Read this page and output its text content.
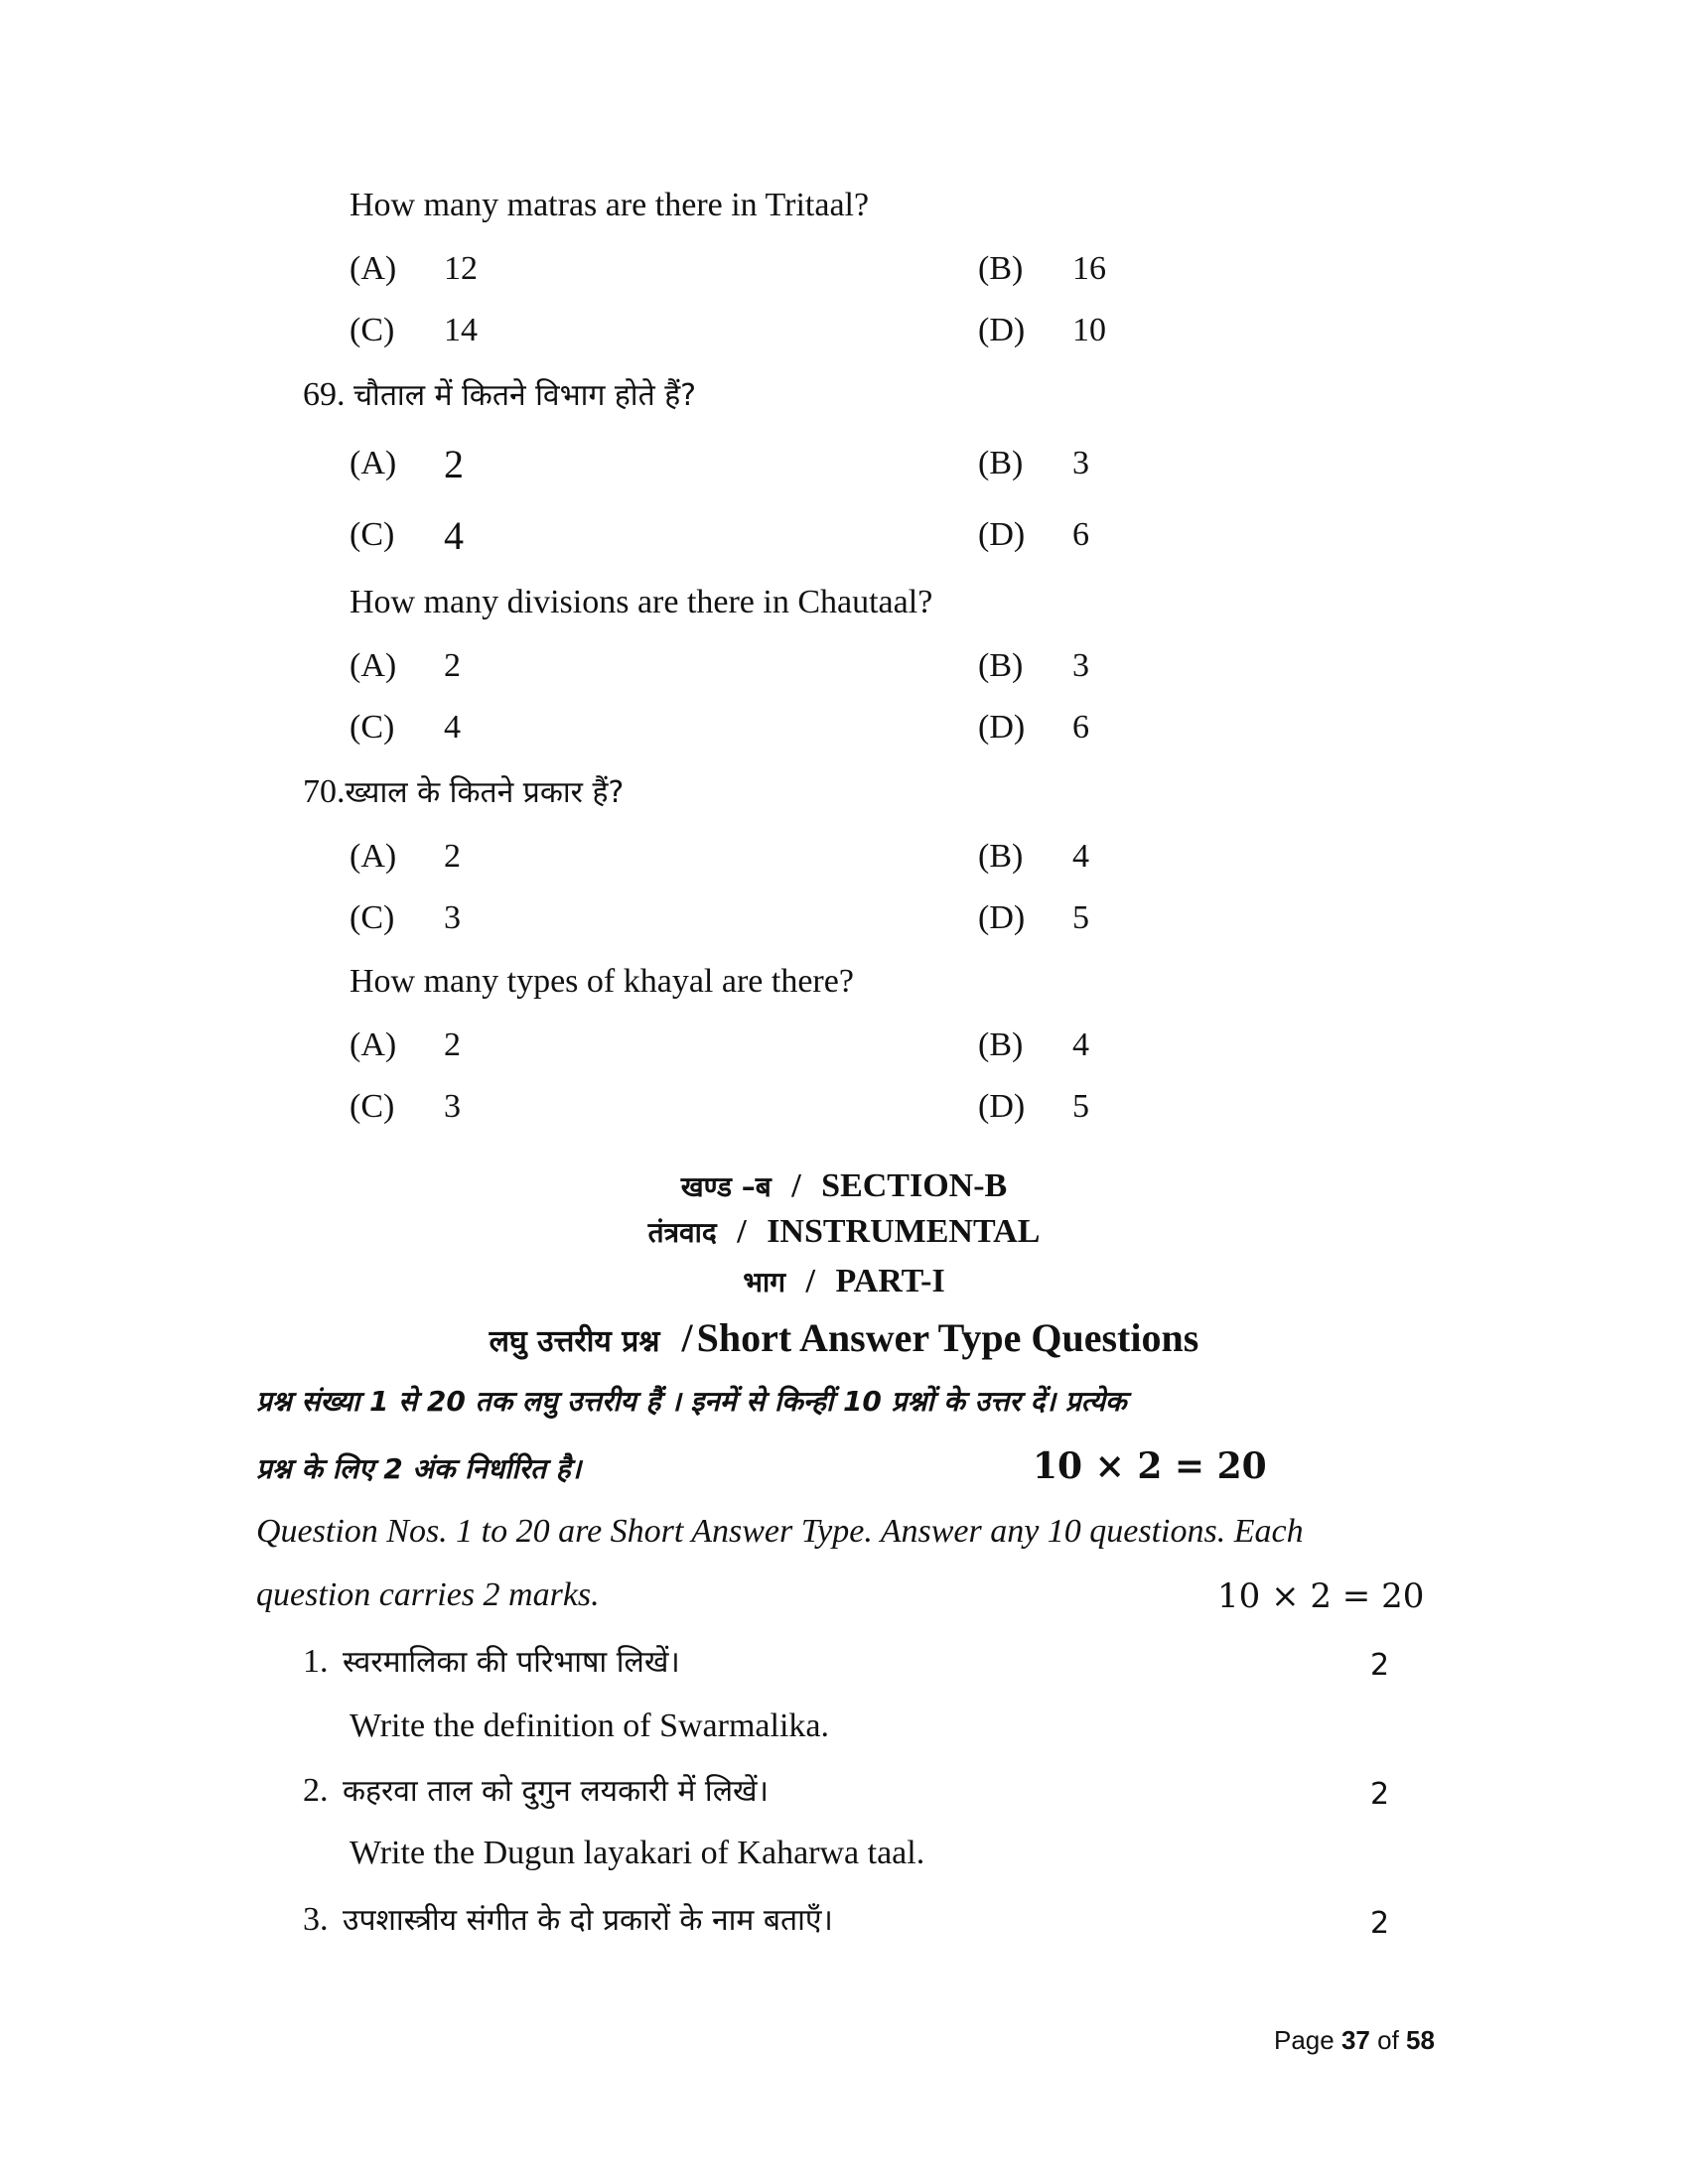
How many matras are there in Tritaal?
(A) 12	(B) 16
(C) 14	(D) 10
69. चौताल में कितने विभाग होते हैं?
(A) 2	(B) 3
(C) 4	(D) 6
How many divisions are there in Chautaal?
(A) 2	(B) 3
(C) 4	(D) 6
70.ख्याल के कितने प्रकार हैं?
(A) 2	(B) 4
(C) 3	(D) 5
How many types of khayal are there?
(A) 2	(B) 4
(C) 3	(D) 5
खण्ड –ब / SECTION-B
तंत्रवाद / INSTRUMENTAL
भाग / PART-I
लघु उत्तरीय प्रश्न / Short Answer Type Questions
प्रश्न संख्या 1 से 20 तक लघु उत्तरीय हैं । इनमें से किन्हीं 10 प्रश्नों के उत्तर दें। प्रत्येक
प्रश्न के लिए 2 अंक निर्धारित है।	10 × 2 = 20
Question Nos. 1 to 20 are Short Answer Type. Answer any 10 questions. Each
question carries 2 marks.	10 × 2 = 20
1. स्वरमालिका की परिभाषा लिखें।	2
Write the definition of Swarmalika.
2. कहरवा ताल को दुगुन लयकारी में लिखें।	2
Write the Dugun layakari of Kaharwa taal.
3. उपशास्त्रीय संगीत के दो प्रकारों के नाम बताएँ।	2
Page 37 of 58
